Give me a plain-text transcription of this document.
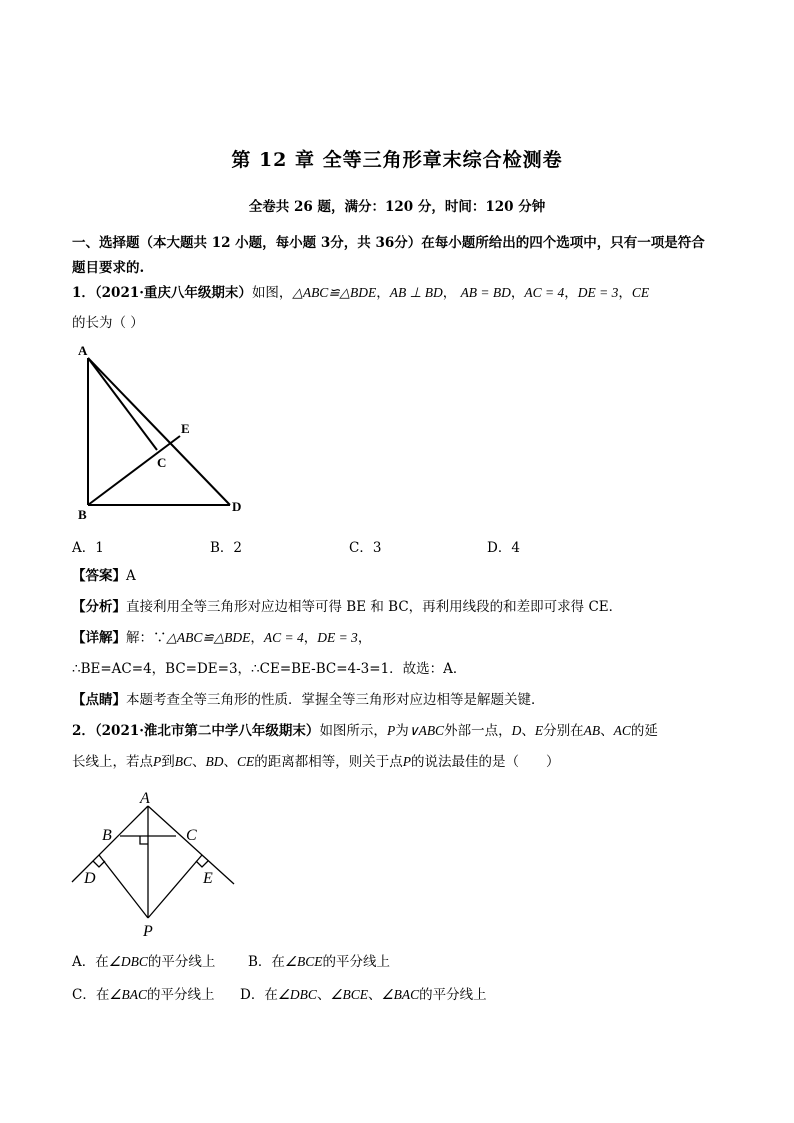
第 12 章 全等三角形章末综合检测卷
全卷共 26 题，满分：120 分，时间：120 分钟
一、选择题（本大题共 12 小题，每小题 3分，共 36分）在每小题所给出的四个选项中，只有一项是符合
题目要求的.
1．（2021·重庆八年级期末）如图，△ABC≌△BDE，AB ⊥ BD， AB = BD，AC = 4，DE = 3，CE
的长为（ ）
A
B
C
D
E
A．1	B．2	C．3	D．4
【答案】A
【分析】直接利用全等三角形对应边相等可得 BE 和 BC，再利用线段的和差即可求得 CE．
【详解】解：∵△ABC≌△BDE，AC = 4，DE = 3，
∴BE=AC=4，BC=DE=3，∴CE=BE-BC=4-3=1．故选：A．
【点睛】本题考查全等三角形的性质．掌握全等三角形对应边相等是解题关键．
2．（2021·淮北市第二中学八年级期末）如图所示，P为∨ABC外部一点，D、E分别在AB、AC的延
长线上，若点P到BC、BD、CE的距离都相等，则关于点P的说法最佳的是（　　）
A
B	C
D	E
P
A．在∠DBC的平分线上 B．在∠BCE的平分线上
C．在∠BAC的平分线上 D．在∠DBC、∠BCE、∠BAC的平分线上
